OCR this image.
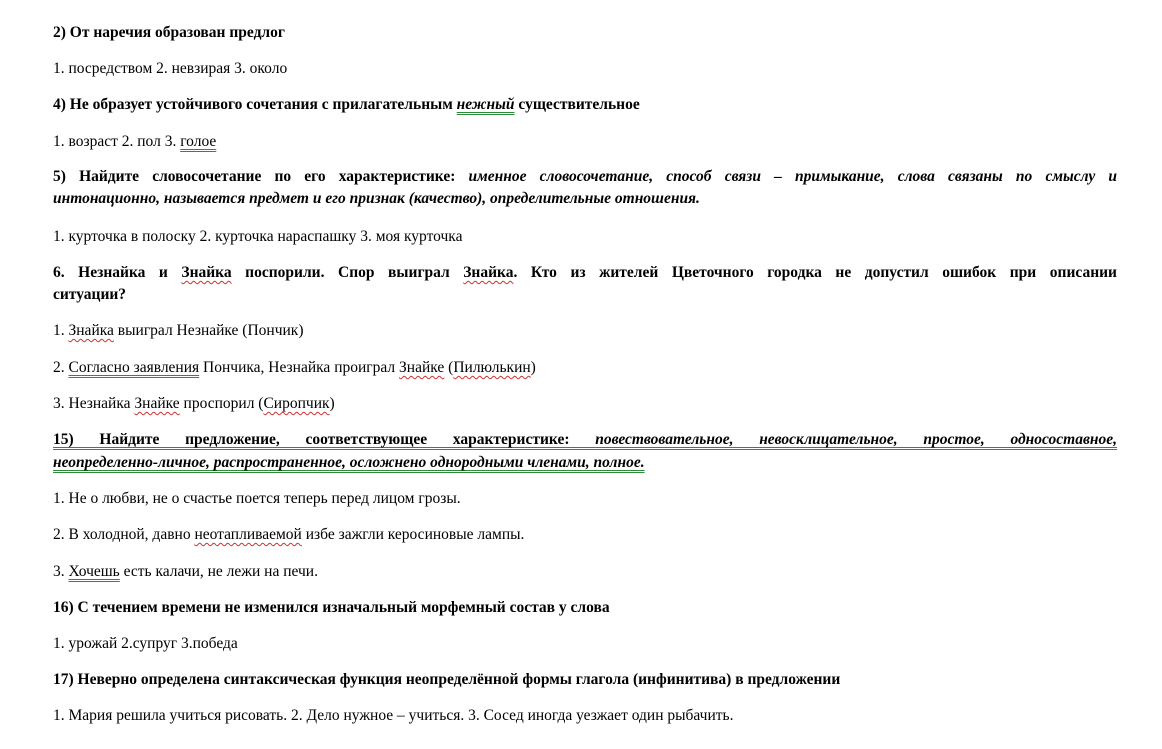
2) От наречия образован предлог
1. посредством 2. невзирая 3. около
4) Не образует устойчивого сочетания с прилагательным нежный существительное
1. возраст 2. пол 3. голое
5) Найдите словосочетание по его характеристике: именное словосочетание, способ связи – примыкание, слова связаны по смыслу и
интонационно, называется предмет и его признак (качество), определительные отношения.
1. курточка в полоску 2. курточка нараспашку 3. моя курточка
6. Незнайка и Знайка поспорили. Спор выиграл Знайка. Кто из жителей Цветочного городка не допустил ошибок при описании
ситуации?
1. Знайка выиграл Незнайке (Пончик)
2. Согласно заявления Пончика, Незнайка проиграл Знайке (Пилюлькин)
3. Незнайка Знайке проспорил (Сиропчик)
15) Найдите предложение, соответствующее характеристике: повествовательное, невосклицательное, простое, односоставное,
неопределенно-личное, распространенное, осложнено однородными членами, полное.
1. Не о любви, не о счастье поется теперь перед лицом грозы.
2. В холодной, давно неотапливаемой избе зажгли керосиновые лампы.
3. Хочешь есть калачи, не лежи на печи.
16) С течением времени не изменился изначальный морфемный состав у слова
1. урожай 2.супруг 3.победа
17) Неверно определена синтаксическая функция неопределённой формы глагола (инфинитива) в предложении
1. Мария решила учиться рисовать. 2. Дело нужное – учиться. 3. Сосед иногда уезжает один рыбачить.
